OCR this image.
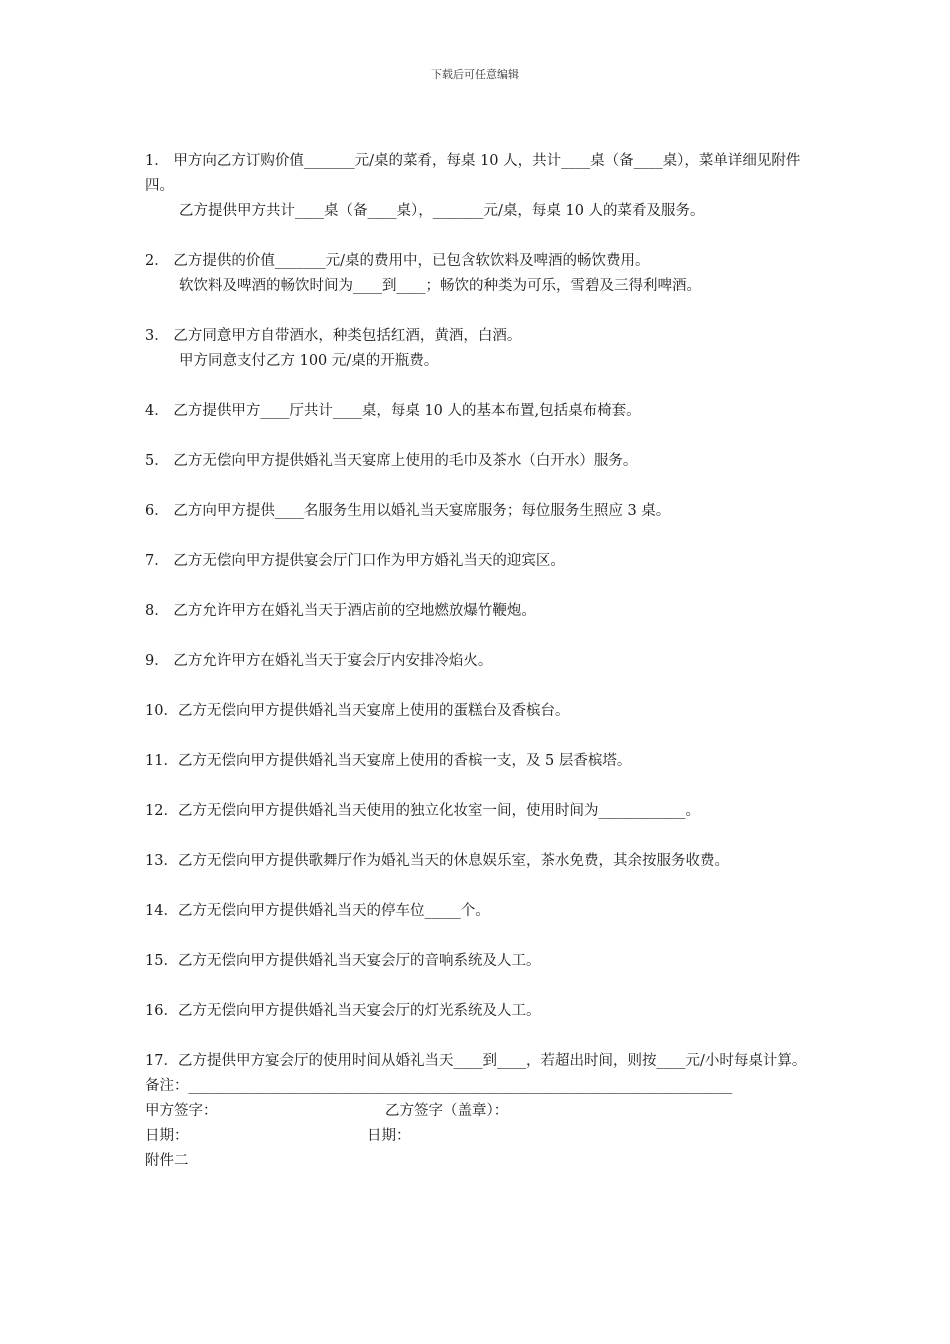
下载后可任意编辑
1． 甲方向乙方订购价值_______元/桌的菜肴，每桌 10 人，共计____桌（备____桌），菜单详细见附件四。
乙方提供甲方共计____桌（备____桌），_______元/桌，每桌 10 人的菜肴及服务。
2． 乙方提供的价值_______元/桌的费用中，已包含软饮料及啤酒的畅饮费用。
软饮料及啤酒的畅饮时间为____到____；畅饮的种类为可乐，雪碧及三得利啤酒。
3． 乙方同意甲方自带酒水，种类包括红酒，黄酒，白酒。
甲方同意支付乙方 100 元/桌的开瓶费。
4． 乙方提供甲方____厅共计____桌，每桌 10 人的基本布置,包括桌布椅套。
5． 乙方无偿向甲方提供婚礼当天宴席上使用的毛巾及茶水（白开水）服务。
6． 乙方向甲方提供____名服务生用以婚礼当天宴席服务；每位服务生照应 3 桌。
7． 乙方无偿向甲方提供宴会厅门口作为甲方婚礼当天的迎宾区。
8． 乙方允许甲方在婚礼当天于酒店前的空地燃放爆竹鞭炮。
9． 乙方允许甲方在婚礼当天于宴会厅内安排冷焰火。
10．乙方无偿向甲方提供婚礼当天宴席上使用的蛋糕台及香槟台。
11．乙方无偿向甲方提供婚礼当天宴席上使用的香槟一支，及 5 层香槟塔。
12．乙方无偿向甲方提供婚礼当天使用的独立化妆室一间，使用时间为____________。
13．乙方无偿向甲方提供歌舞厅作为婚礼当天的休息娱乐室，茶水免费，其余按服务收费。
14．乙方无偿向甲方提供婚礼当天的停车位_____个。
15．乙方无偿向甲方提供婚礼当天宴会厅的音响系统及人工。
16．乙方无偿向甲方提供婚礼当天宴会厅的灯光系统及人工。
17．乙方提供甲方宴会厅的使用时间从婚礼当天____到____，若超出时间，则按____元/小时每桌计算。
备注：___________________________________________________________________________
甲方签字：	乙方签字（盖章）：
日期：	日期：
附件二
